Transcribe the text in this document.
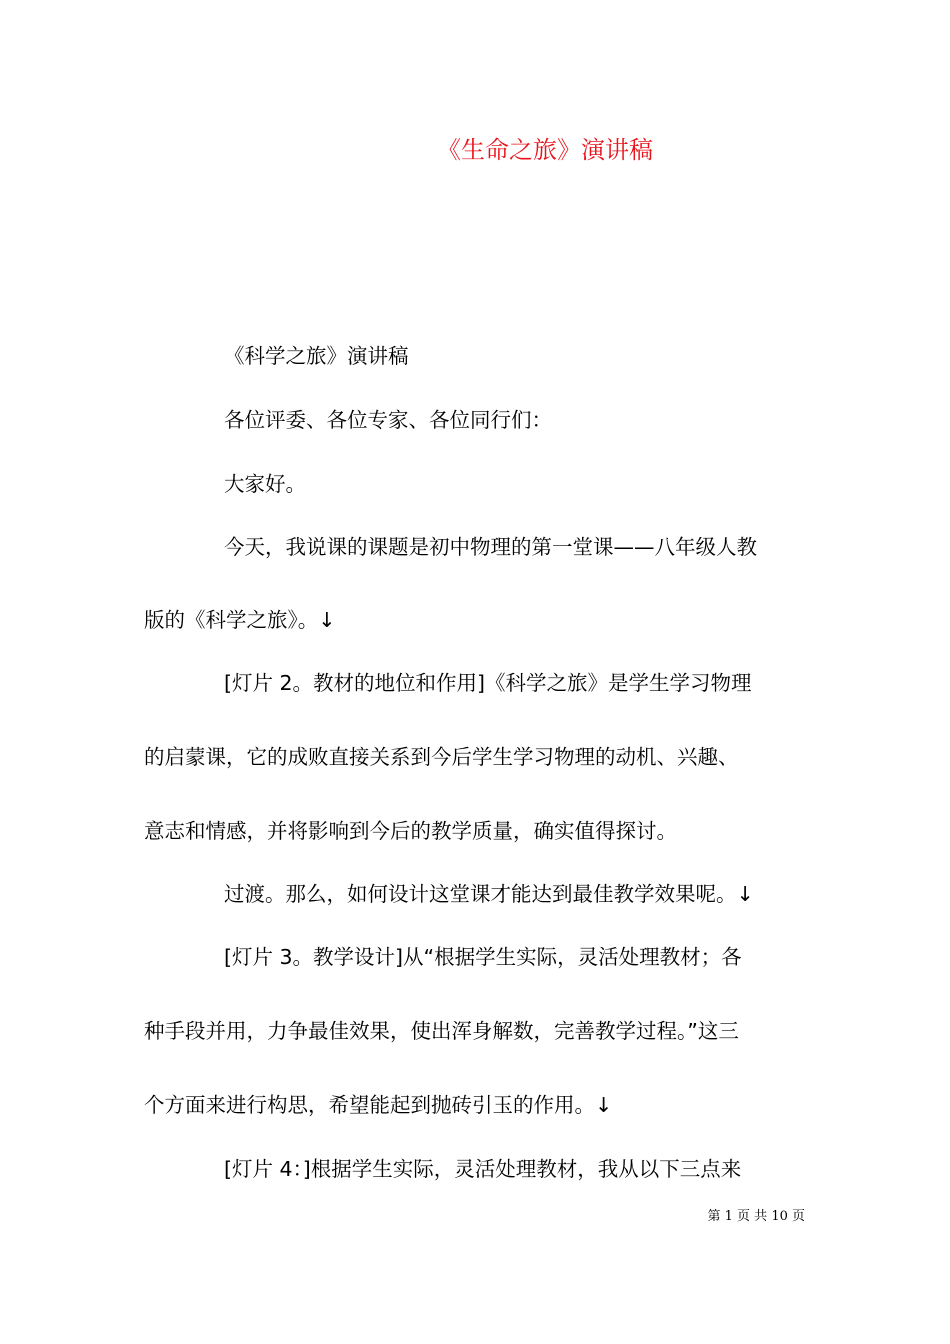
《生命之旅》演讲稿
《科学之旅》演讲稿
各位评委、各位专家、各位同行们：
大家好。
今天，我说课的课题是初中物理的第一堂课——八年级人教
版的《科学之旅》。↓
[灯片 2。教材的地位和作用]《科学之旅》是学生学习物理
的启蒙课，它的成败直接关系到今后学生学习物理的动机、兴趣、
意志和情感，并将影响到今后的教学质量，确实值得探讨。
过渡。那么，如何设计这堂课才能达到最佳教学效果呢。↓
[灯片 3。教学设计]从“根据学生实际，灵活处理教材；各
种手段并用，力争最佳效果，使出浑身解数，完善教学过程。”这三
个方面来进行构思，希望能起到抛砖引玉的作用。↓
[灯片 4：]根据学生实际，灵活处理教材，我从以下三点来
第 1 页 共 10 页
